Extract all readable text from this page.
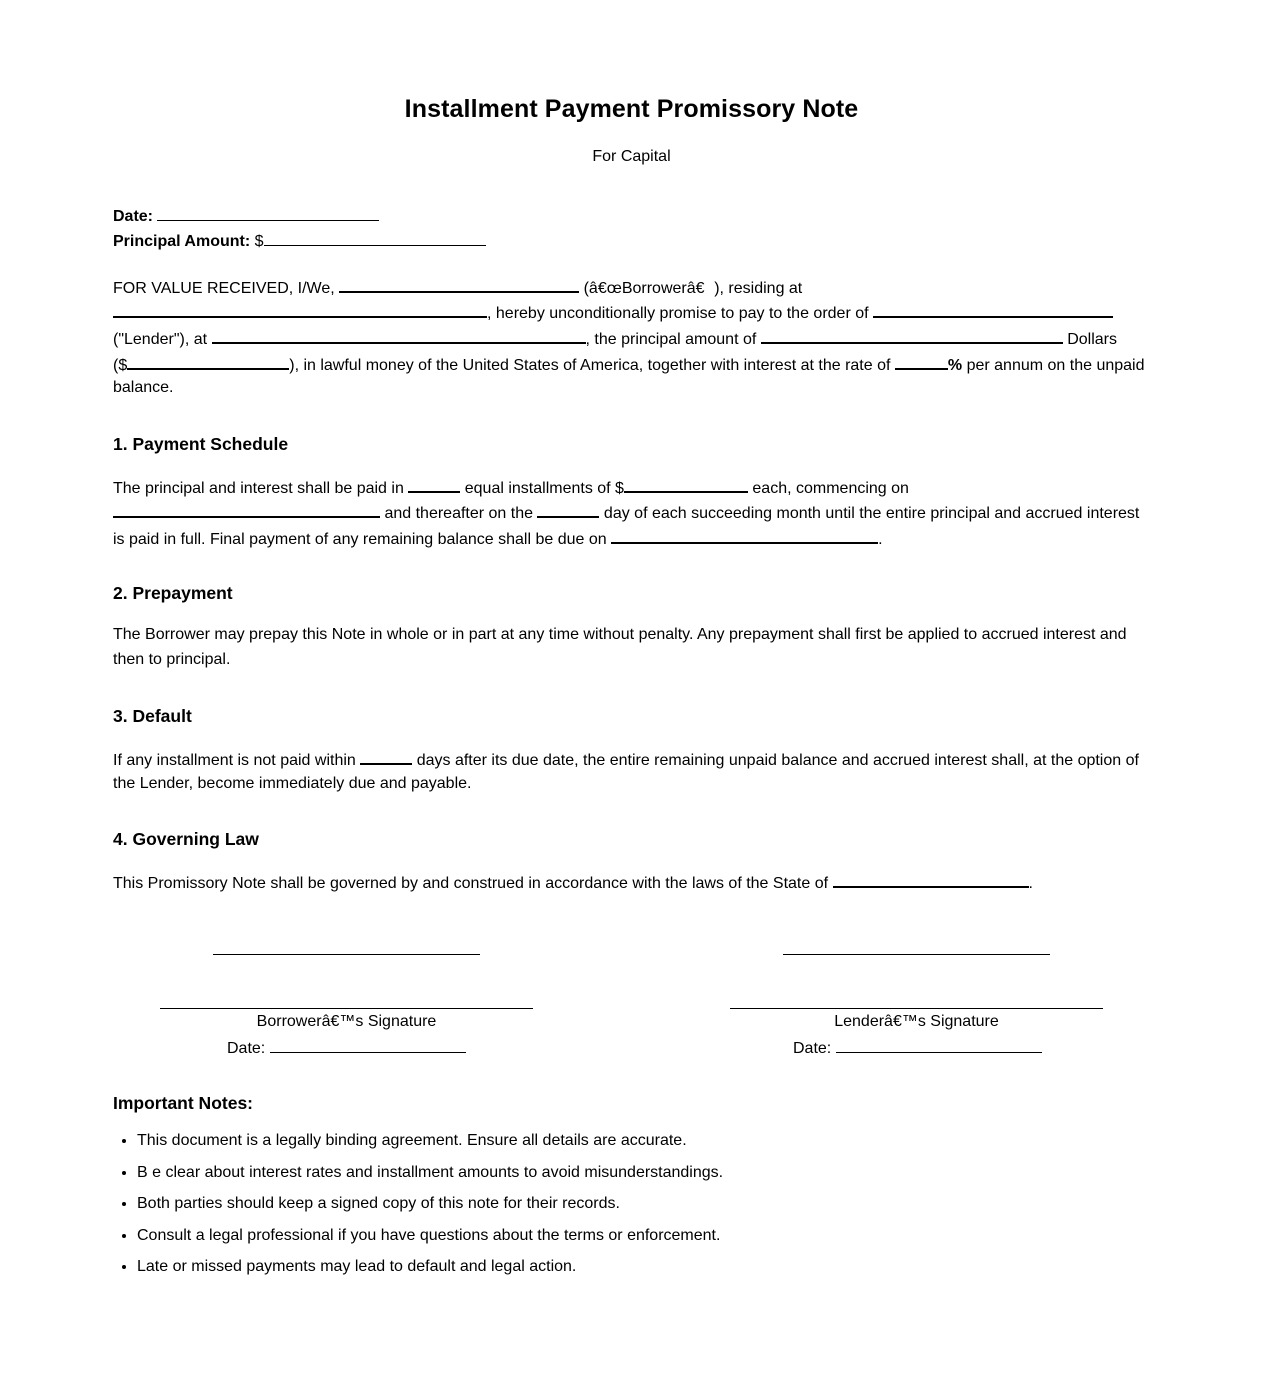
Installment Payment Promissory Note
For Capital
Date:
Principal Amount: $
FOR VALUE RECEIVED, I/We,	(â€œBorrowerâ€), residing at
, hereby unconditionally promise to pay to the order of
("Lender"), at	, the principal amount of	Dollars
($	), in lawful money of the United States of America, together with interest at the rate of	% per annum on the unpaid
balance.
1. Payment Schedule
The principal and interest shall be paid in	equal installments of $	each, commencing on
and thereafter on the	day of each succeeding month until the entire principal and accrued interest
is paid in full. Final payment of any remaining balance shall be due on	.
2. Prepayment
The Borrower may prepay this Note in whole or in part at any time without penalty. Any prepayment shall first be applied to accrued interest and
then to principal.
3. Default
If any installment is not paid within	days after its due date, the entire remaining unpaid balance and accrued interest shall, at the option of
the Lender, become immediately due and payable.
4. Governing Law
This Promissory Note shall be governed by and construed in accordance with the laws of the State of	.
Borrowerâ€™s Signature	Lenderâ€™s Signature
Date:	Date:
Important Notes:
• This document is a legally binding agreement. Ensure all details are accurate.
• B e clear about interest rates and installment amounts to avoid misunderstandings.
• Both parties should keep a signed copy of this note for their records.
• Consult a legal professional if you have questions about the terms or enforcement.
• Late or missed payments may lead to default and legal action.
